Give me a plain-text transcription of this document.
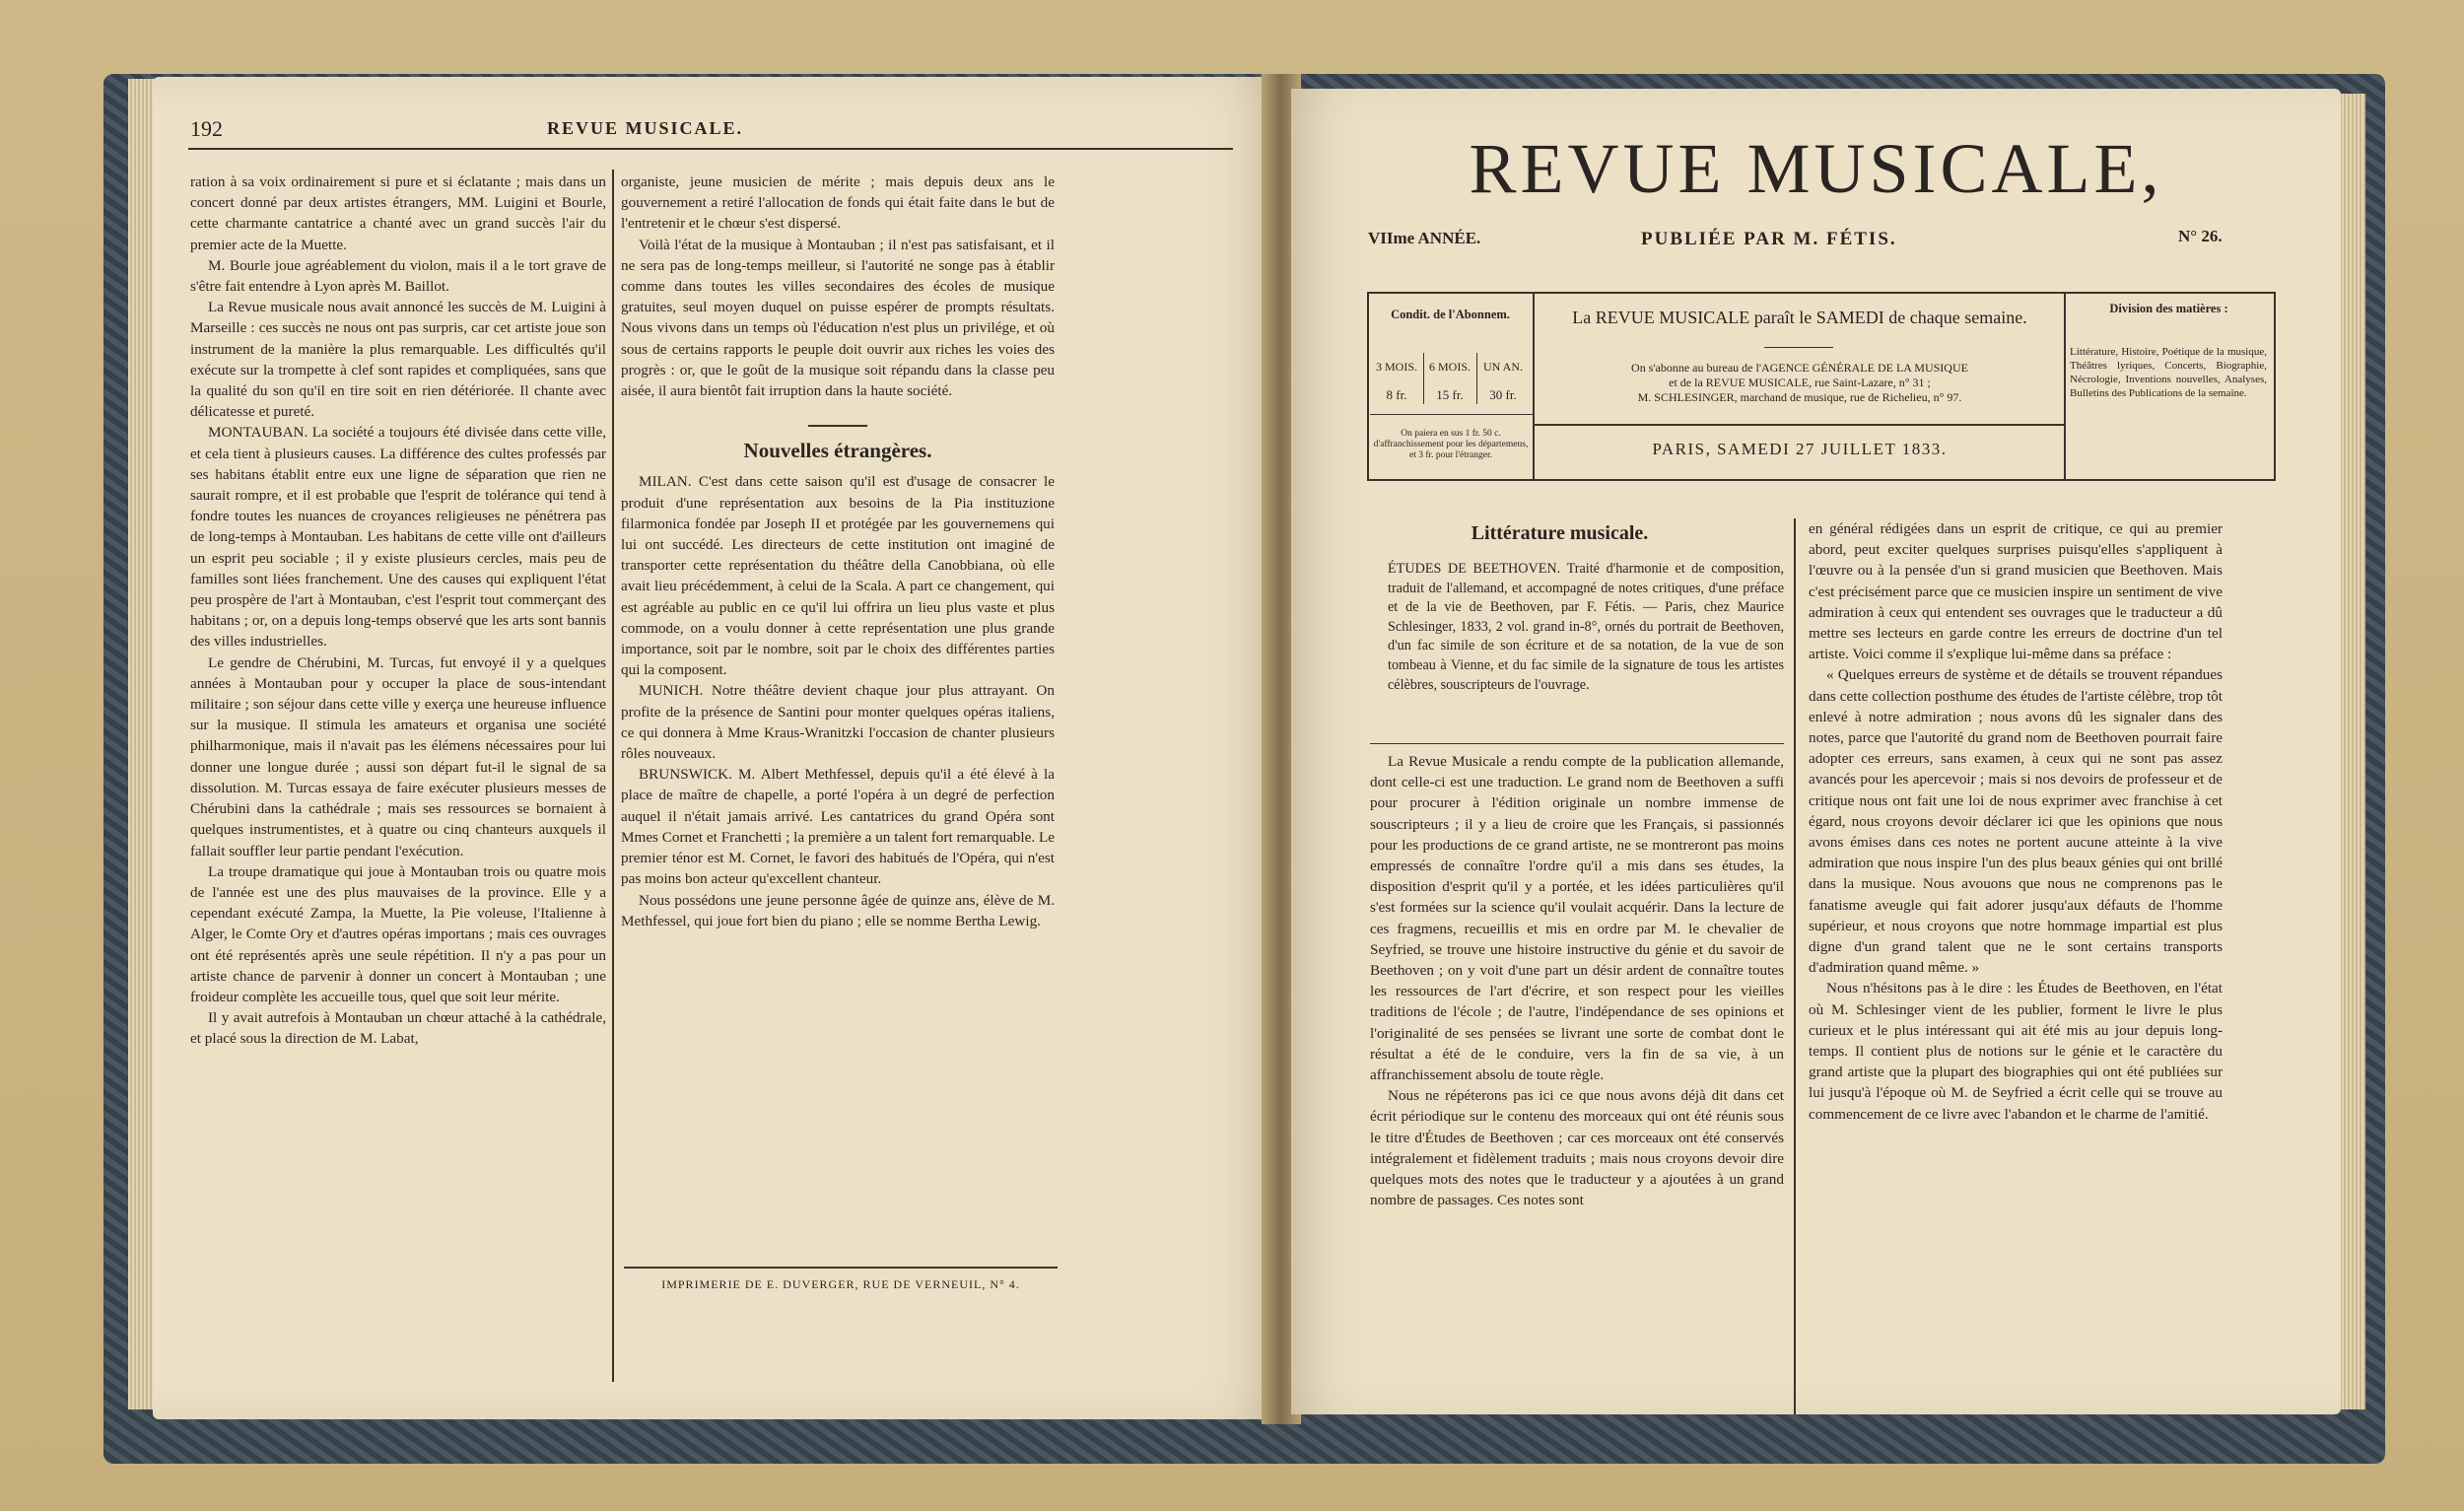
192	REVUE MUSICALE.

ration à sa voix ordinairement si pure et si éclatante ; mais dans un concert donné par deux artistes étrangers, MM. Luigini et Bourle, cette charmante cantatrice a chanté avec un grand succès l'air du premier acte de la Muette.

M. Bourle joue agréablement du violon, mais il a le tort grave de s'être fait entendre à Lyon après M. Baillot.

La Revue musicale nous avait annoncé les succès de M. Luigini à Marseille : ces succès ne nous ont pas surpris, car cet artiste joue son instrument de la manière la plus remarquable. Les difficultés qu'il exécute sur la trompette à clef sont rapides et compliquées, sans que la qualité du son qu'il en tire soit en rien détériorée. Il chante avec délicatesse et pureté.

MONTAUBAN. La société a toujours été divisée dans cette ville, et cela tient à plusieurs causes. La différence des cultes professés par ses habitans établit entre eux une ligne de séparation que rien ne saurait rompre, et il est probable que l'esprit de tolérance qui tend à fondre toutes les nuances de croyances religieuses ne pénétrera pas de long-temps à Montauban. Les habitans de cette ville ont d'ailleurs un esprit peu sociable ; il y existe plusieurs cercles, mais peu de familles sont liées franchement. Une des causes qui expliquent l'état peu prospère de l'art à Montauban, c'est l'esprit tout commerçant des habitans ; or, on a depuis long-temps observé que les arts sont bannis des villes industrielles.

Le gendre de Chérubini, M. Turcas, fut envoyé il y a quelques années à Montauban pour y occuper la place de sous-intendant militaire ; son séjour dans cette ville y exerça une heureuse influence sur la musique. Il stimula les amateurs et organisa une société philharmonique, mais il n'avait pas les élémens nécessaires pour lui donner une longue durée ; aussi son départ fut-il le signal de sa dissolution. M. Turcas essaya de faire exécuter plusieurs messes de Chérubini dans la cathédrale ; mais ses ressources se bornaient à quelques instrumentistes, et à quatre ou cinq chanteurs auxquels il fallait souffler leur partie pendant l'exécution.

La troupe dramatique qui joue à Montauban trois ou quatre mois de l'année est une des plus mauvaises de la province. Elle y a cependant exécuté Zampa, la Muette, la Pie voleuse, l'Italienne à Alger, le Comte Ory et d'autres opéras importans ; mais ces ouvrages ont été représentés après une seule répétition. Il n'y a pas pour un artiste chance de parvenir à donner un concert à Montauban ; une froideur complète les accueille tous, quel que soit leur mérite.

Il y avait autrefois à Montauban un chœur attaché à la cathédrale, et placé sous la direction de M. Labat,

organiste, jeune musicien de mérite ; mais depuis deux ans le gouvernement a retiré l'allocation de fonds qui était faite dans le but de l'entretenir et le chœur s'est dispersé.

Voilà l'état de la musique à Montauban ; il n'est pas satisfaisant, et il ne sera pas de long-temps meilleur, si l'autorité ne songe pas à établir comme dans toutes les villes secondaires des écoles de musique gratuites, seul moyen duquel on puisse espérer de prompts résultats. Nous vivons dans un temps où l'éducation n'est plus un privilége, et où sous de certains rapports le peuple doit ouvrir aux riches les voies des progrès : or, que le goût de la musique soit répandu dans la classe peu aisée, il aura bientôt fait irruption dans la haute société.

Nouvelles étrangères.

MILAN. C'est dans cette saison qu'il est d'usage de consacrer le produit d'une représentation aux besoins de la Pia instituzione filarmonica fondée par Joseph II et protégée par les gouvernemens qui lui ont succédé. Les directeurs de cette institution ont imaginé de transporter cette représentation du théâtre della Canobbiana, où elle avait lieu précédemment, à celui de la Scala. A part ce changement, qui est agréable au public en ce qu'il lui offrira un lieu plus vaste et plus commode, on a voulu donner à cette représentation une plus grande importance, soit par le nombre, soit par le choix des différentes parties qui la composent.

MUNICH. Notre théâtre devient chaque jour plus attrayant. On profite de la présence de Santini pour monter quelques opéras italiens, ce qui donnera à Mme Kraus-Wranitzki l'occasion de chanter plusieurs rôles nouveaux.

BRUNSWICK. M. Albert Methfessel, depuis qu'il a été élevé à la place de maître de chapelle, a porté l'opéra à un degré de perfection auquel il n'était jamais arrivé. Les cantatrices du grand Opéra sont Mmes Cornet et Franchetti ; la première a un talent fort remarquable. Le premier ténor est M. Cornet, le favori des habitués de l'Opéra, qui n'est pas moins bon acteur qu'excellent chanteur.

Nous possédons une jeune personne âgée de quinze ans, élève de M. Methfessel, qui joue fort bien du piano ; elle se nomme Bertha Lewig.

IMPRIMERIE DE E. DUVERGER, RUE DE VERNEUIL, N° 4.
REVUE MUSICALE,
VIIme ANNÉE.	PUBLIÉE PAR M. FÉTIS.	N° 26.
Condit. de l'Abonnem.
3 MOIS. 6 MOIS.	UN AN.
8 fr.	15 fr.	30 fr.
On paiera en sus 1 fr. 50 c. d'affranchissement pour les départemens, et 3 fr. pour l'étranger.
La REVUE MUSICALE paraît le SAMEDI de chaque semaine.
On s'abonne au bureau de l'AGENCE GÉNÉRALE DE LA MUSIQUE
et de la REVUE MUSICALE, rue Saint-Lazare, n° 31 ;
M. SCHLESINGER, marchand de musique, rue de Richelieu, n° 97.
PARIS, SAMEDI 27 JUILLET 1833.
Division des matières :
Littérature, Histoire, Poétique de la musique, Théâtres lyriques, Concerts, Biographie, Nécrologie, Inventions nouvelles, Analyses, Bulletins des Publications de la semaine.
Littérature musicale.

ÉTUDES DE BEETHOVEN. Traité d'harmonie et de composition, traduit de l'allemand, et accompagné de notes critiques, d'une préface et de la vie de Beethoven, par F. Fétis. — Paris, chez Maurice Schlesinger, 1833, 2 vol. grand in-8°, ornés du portrait de Beethoven, d'un fac simile de son écriture et de sa notation, de la vue de son tombeau à Vienne, et du fac simile de la signature de tous les artistes célèbres, souscripteurs de l'ouvrage.

La Revue Musicale a rendu compte de la publication allemande, dont celle-ci est une traduction. Le grand nom de Beethoven a suffi pour procurer à l'édition originale un nombre immense de souscripteurs ; il y a lieu de croire que les Français, si passionnés pour les productions de ce grand artiste, ne se montreront pas moins empressés de connaître l'ordre qu'il a mis dans ses études, la disposition d'esprit qu'il y a portée, et les idées particulières qu'il s'est formées sur la science qu'il voulait acquérir. Dans la lecture de ces fragmens, recueillis et mis en ordre par M. le chevalier de Seyfried, se trouve une histoire instructive du génie et du savoir de Beethoven ; on y voit d'une part un désir ardent de connaître toutes les ressources de l'art d'écrire, et son respect pour les vieilles traditions de l'école ; de l'autre, l'indépendance de ses opinions et l'originalité de ses pensées se livrant une sorte de combat dont le résultat a été de le conduire, vers la fin de sa vie, à un affranchissement absolu de toute règle.

Nous ne répéterons pas ici ce que nous avons déjà dit dans cet écrit périodique sur le contenu des morceaux qui ont été réunis sous le titre d'Études de Beethoven ; car ces morceaux ont été conservés intégralement et fidèlement traduits ; mais nous croyons devoir dire quelques mots des notes que le traducteur y a ajoutées à un grand nombre de passages. Ces notes sont

en général rédigées dans un esprit de critique, ce qui au premier abord, peut exciter quelques surprises puisqu'elles s'appliquent à l'œuvre ou à la pensée d'un si grand musicien que Beethoven. Mais c'est précisément parce que ce musicien inspire un sentiment de vive admiration à ceux qui entendent ses ouvrages que le traducteur a dû mettre ses lecteurs en garde contre les erreurs de doctrine d'un tel artiste. Voici comme il s'explique lui-même dans sa préface :

« Quelques erreurs de système et de détails se trouvent répandues dans cette collection posthume des études de l'artiste célèbre, trop tôt enlevé à notre admiration ; nous avons dû les signaler dans des notes, parce que l'autorité du grand nom de Beethoven pourrait faire adopter ces erreurs, sans examen, à ceux qui ne sont pas assez avancés pour les apercevoir ; mais si nos devoirs de professeur et de critique nous ont fait une loi de nous exprimer avec franchise à cet égard, nous croyons devoir déclarer ici que les opinions que nous avons émises dans ces notes ne portent aucune atteinte à la vive admiration que nous inspire l'un des plus beaux génies qui ont brillé dans la musique. Nous avouons que nous ne comprenons pas le fanatisme aveugle qui fait adorer jusqu'aux défauts de l'homme supérieur, et nous croyons que notre hommage impartial est plus digne d'un grand talent que ne le sont certains transports d'admiration quand même. »

Nous n'hésitons pas à le dire : les Études de Beethoven, en l'état où M. Schlesinger vient de les publier, forment le livre le plus curieux et le plus intéressant qui ait été mis au jour depuis long-temps. Il contient plus de notions sur le génie et le caractère du grand artiste que la plupart des biographies qui ont été publiées sur lui jusqu'à l'époque où M. de Seyfried a écrit celle qui se trouve au commencement de ce livre avec l'abandon et le charme de l'amitié.
